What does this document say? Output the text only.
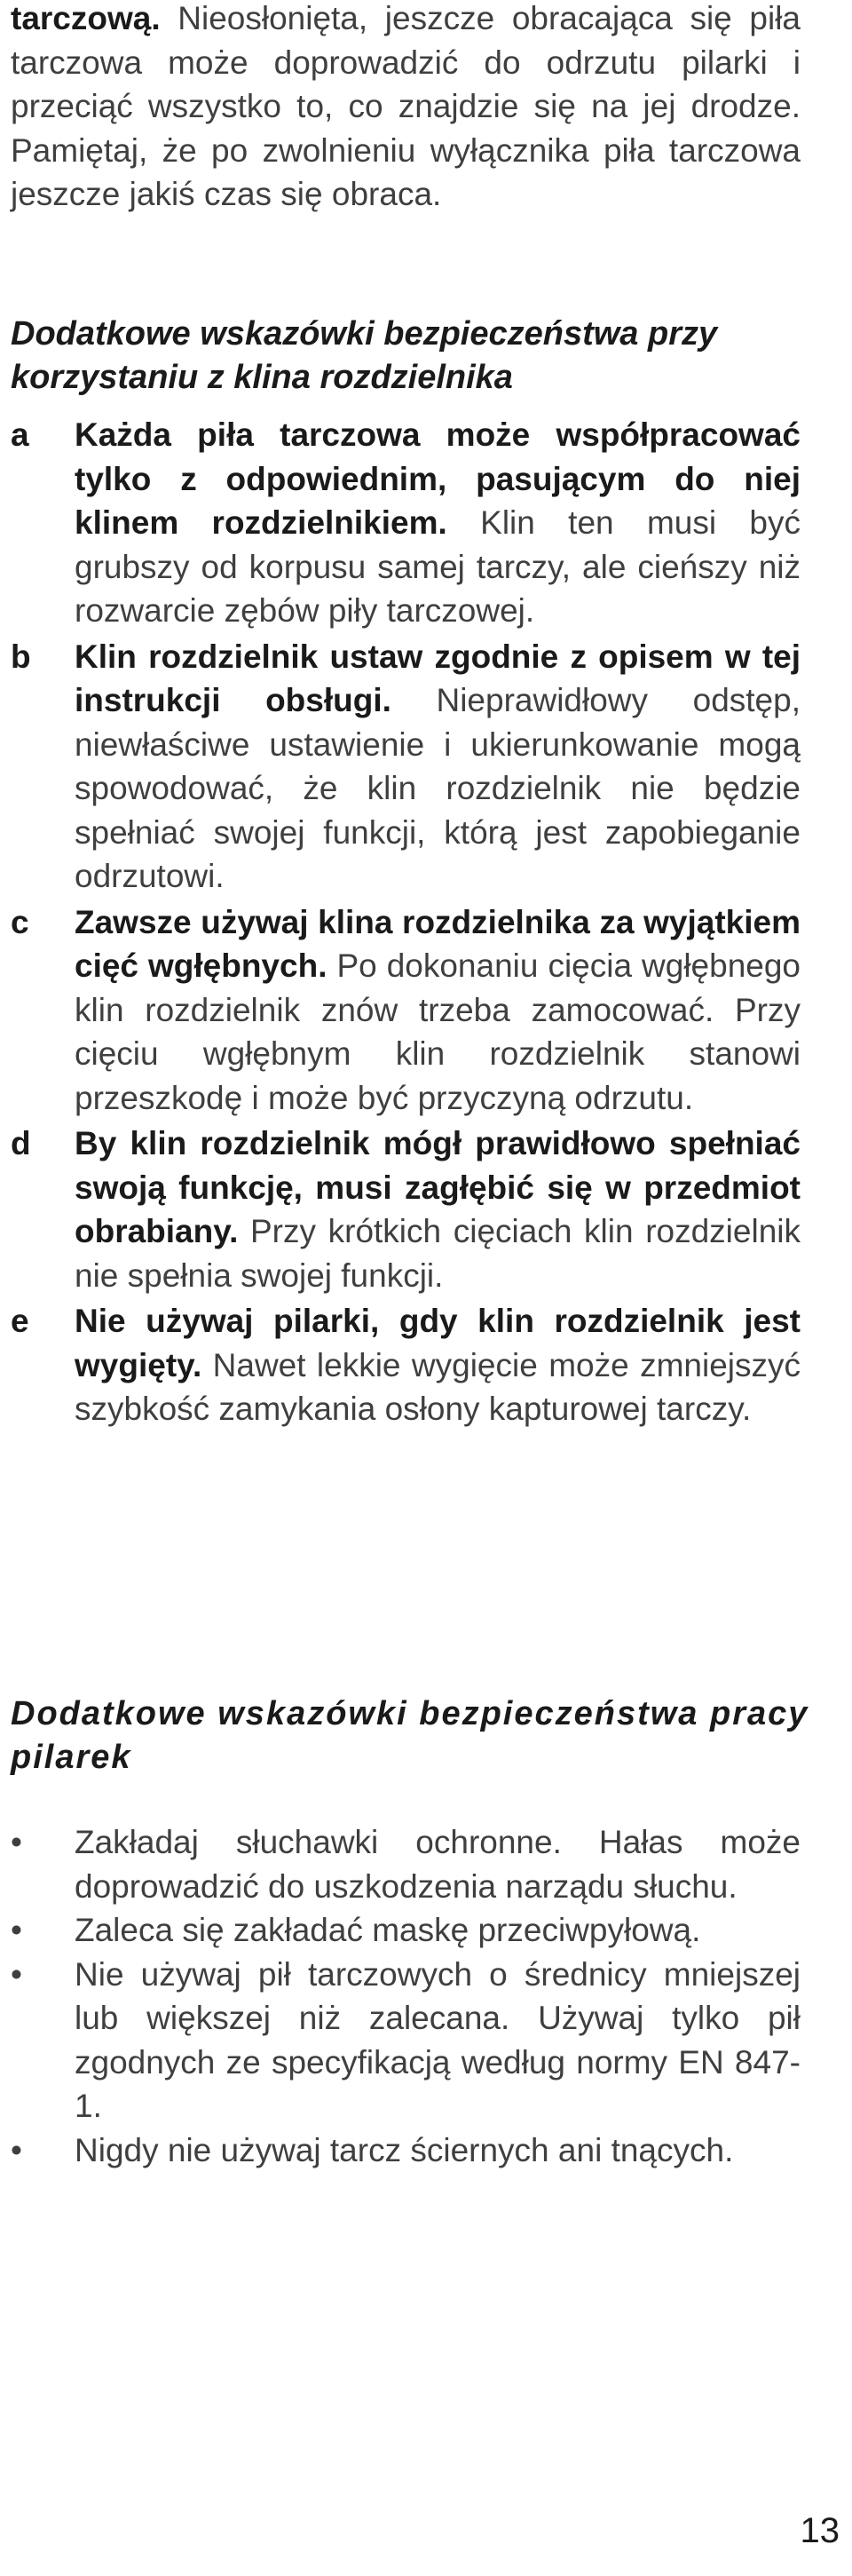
tarczową. Nieosłonięta, jeszcze obracająca się piła tarczowa może doprowadzić do odrzutu pilarki i przeciąć wszystko to, co znajdzie się na jej drodze. Pamiętaj, że po zwolnieniu wyłącznika piła tarczowa jeszcze jakiś czas się obraca.

Dodatkowe wskazówki bezpieczeństwa przy korzystaniu z klina rozdzielnika
a Każda piła tarczowa może współpracować tylko z odpowiednim, pasującym do niej klinem rozdzielnikiem. Klin ten musi być grubszy od korpusu samej tarczy, ale cieńszy niż rozwarcie zębów piły tarczowej.
b Klin rozdzielnik ustaw zgodnie z opisem w tej instrukcji obsługi. Nieprawidłowy odstęp, niewłaściwe ustawienie i ukierunkowanie mogą spowodować, że klin rozdzielnik nie będzie spełniać swojej funkcji, którą jest zapobieganie odrzutowi.
c Zawsze używaj klina rozdzielnika za wyjątkiem cięć wgłębnych. Po dokonaniu cięcia wgłębnego klin rozdzielnik znów trzeba zamocować. Przy cięciu wgłębnym klin rozdzielnik stanowi przeszkodę i może być przyczyną odrzutu.
d By klin rozdzielnik mógł prawidłowo spełniać swoją funkcję, musi zagłębić się w przedmiot obrabiany. Przy krótkich cięciach klin rozdzielnik nie spełnia swojej funkcji.
e Nie używaj pilarki, gdy klin rozdzielnik jest wygięty. Nawet lekkie wygięcie może zmniejszyć szybkość zamykania osłony kapturowej tarczy.
Dodatkowe wskazówki bezpieczeństwa pracy pilarek
• Zakładaj słuchawki ochronne. Hałas może doprowadzić do uszkodzenia narządu słuchu.
• Zaleca się zakładać maskę przeciwpyłową.
• Nie używaj pił tarczowych o średnicy mniejszej lub większej niż zalecana. Używaj tylko pił zgodnych ze specyfikacją według normy EN 847-1.
• Nigdy nie używaj tarcz ściernych ani tnących.
13
